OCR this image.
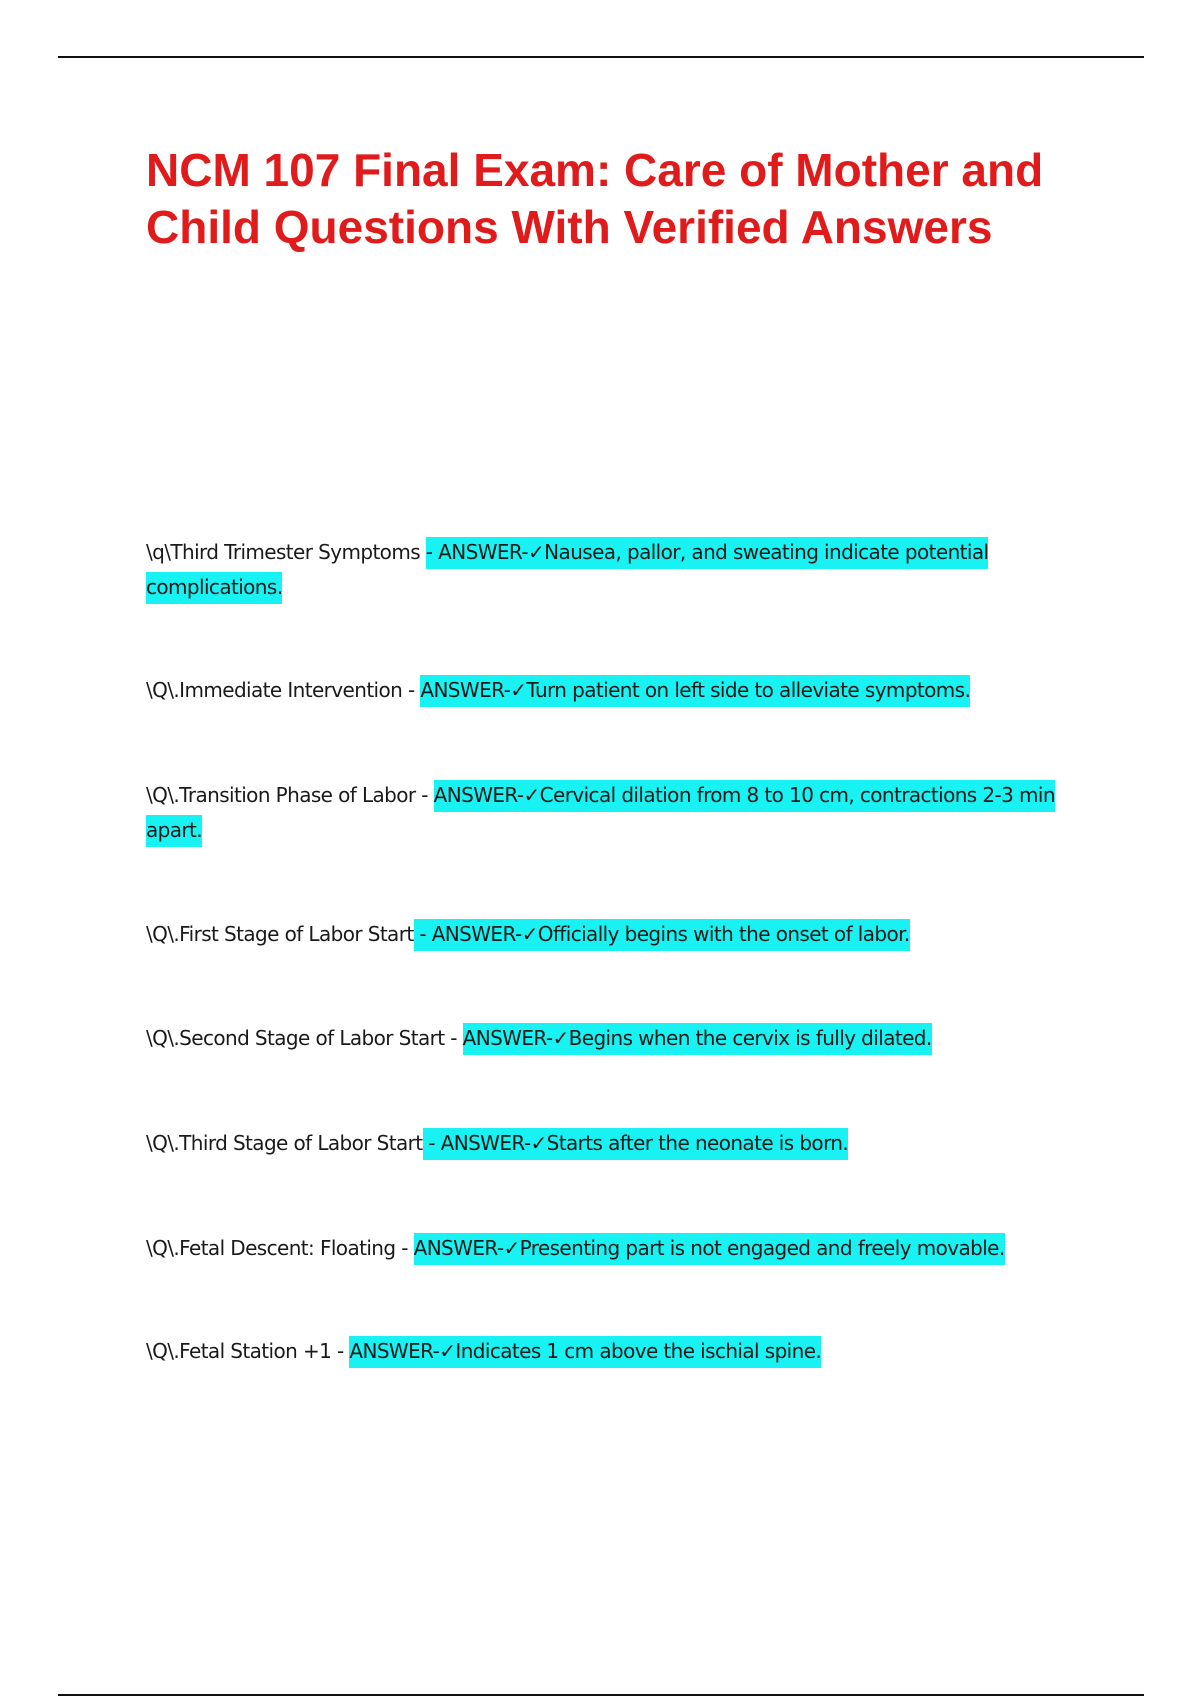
NCM 107 Final Exam: Care of Mother and Child Questions With Verified Answers
\q\Third Trimester Symptoms - ANSWER-✓Nausea, pallor, and sweating indicate potential complications.
\Q\.Immediate Intervention - ANSWER-✓Turn patient on left side to alleviate symptoms.
\Q\.Transition Phase of Labor - ANSWER-✓Cervical dilation from 8 to 10 cm, contractions 2-3 min apart.
\Q\.First Stage of Labor Start - ANSWER-✓Officially begins with the onset of labor.
\Q\.Second Stage of Labor Start - ANSWER-✓Begins when the cervix is fully dilated.
\Q\.Third Stage of Labor Start - ANSWER-✓Starts after the neonate is born.
\Q\.Fetal Descent: Floating - ANSWER-✓Presenting part is not engaged and freely movable.
\Q\.Fetal Station +1 - ANSWER-✓Indicates 1 cm above the ischial spine.
